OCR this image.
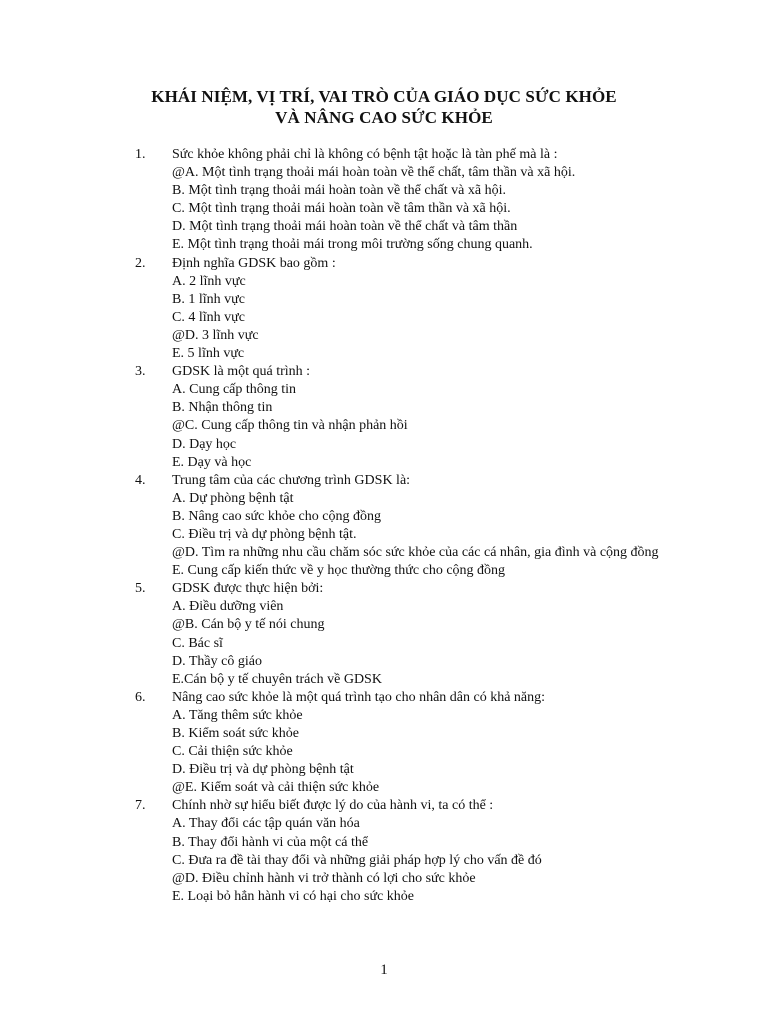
KHÁI NIỆM, VỊ TRÍ, VAI TRÒ CỦA GIÁO DỤC SỨC KHỎE
VÀ NÂNG CAO SỨC KHỎE
1.	Sức khỏe không phải chỉ là không có bệnh tật hoặc là tàn phế mà là :
@A. Một tình trạng thoải mái hoàn toàn về thể chất, tâm thần và xã hội.
B. Một tình trạng thoải mái hoàn toàn về thể chất và xã hội.
C. Một tình trạng thoải mái hoàn toàn về tâm thần và xã hội.
D. Một tình trạng thoải mái hoàn toàn về thể chất và tâm thần
E. Một tình trạng thoải mái trong môi trường sống chung quanh.
2.	Định nghĩa GDSK bao gồm :
A. 2 lĩnh vực
B. 1 lĩnh vực
C. 4 lĩnh vực
@D. 3 lĩnh vực
E. 5 lĩnh vực
3.	GDSK là một quá trình :
A. Cung cấp thông tin
B. Nhận thông tin
@C. Cung cấp thông tin và nhận phản hồi
D. Dạy học
E. Dạy và học
4.	Trung tâm của các chương trình GDSK là:
A. Dự phòng bệnh tật
B. Nâng cao sức khỏe cho cộng đồng
C. Điều trị và dự phòng bệnh tật.
@D. Tìm ra những nhu cầu chăm sóc sức khỏe của các cá nhân, gia đình và cộng đồng
E. Cung cấp kiến thức về y học thường thức cho cộng đồng
5.	GDSK được thực hiện bởi:
A. Điều dưỡng viên
@B. Cán bộ y tế nói chung
C. Bác sĩ
D. Thầy cô giáo
E.Cán bộ y tế chuyên trách về GDSK
6.	Nâng cao sức khỏe là một quá trình tạo cho nhân dân có khả năng:
A. Tăng thêm sức khỏe
B. Kiểm soát sức khỏe
C. Cải thiện sức khỏe
D. Điều trị và dự phòng bệnh tật
@E. Kiểm soát và cải thiện sức khỏe
7.	Chính nhờ sự hiểu biết được lý do của hành vi, ta có thể :
A. Thay đổi các tập quán văn hóa
B. Thay đổi hành vi của một cá thể
C. Đưa ra đề tài thay đổi và những giải pháp hợp lý cho vấn đề đó
@D. Điều chỉnh hành vi trở thành có lợi cho sức khỏe
E. Loại bỏ hẳn hành vi có hại cho sức khỏe
1
